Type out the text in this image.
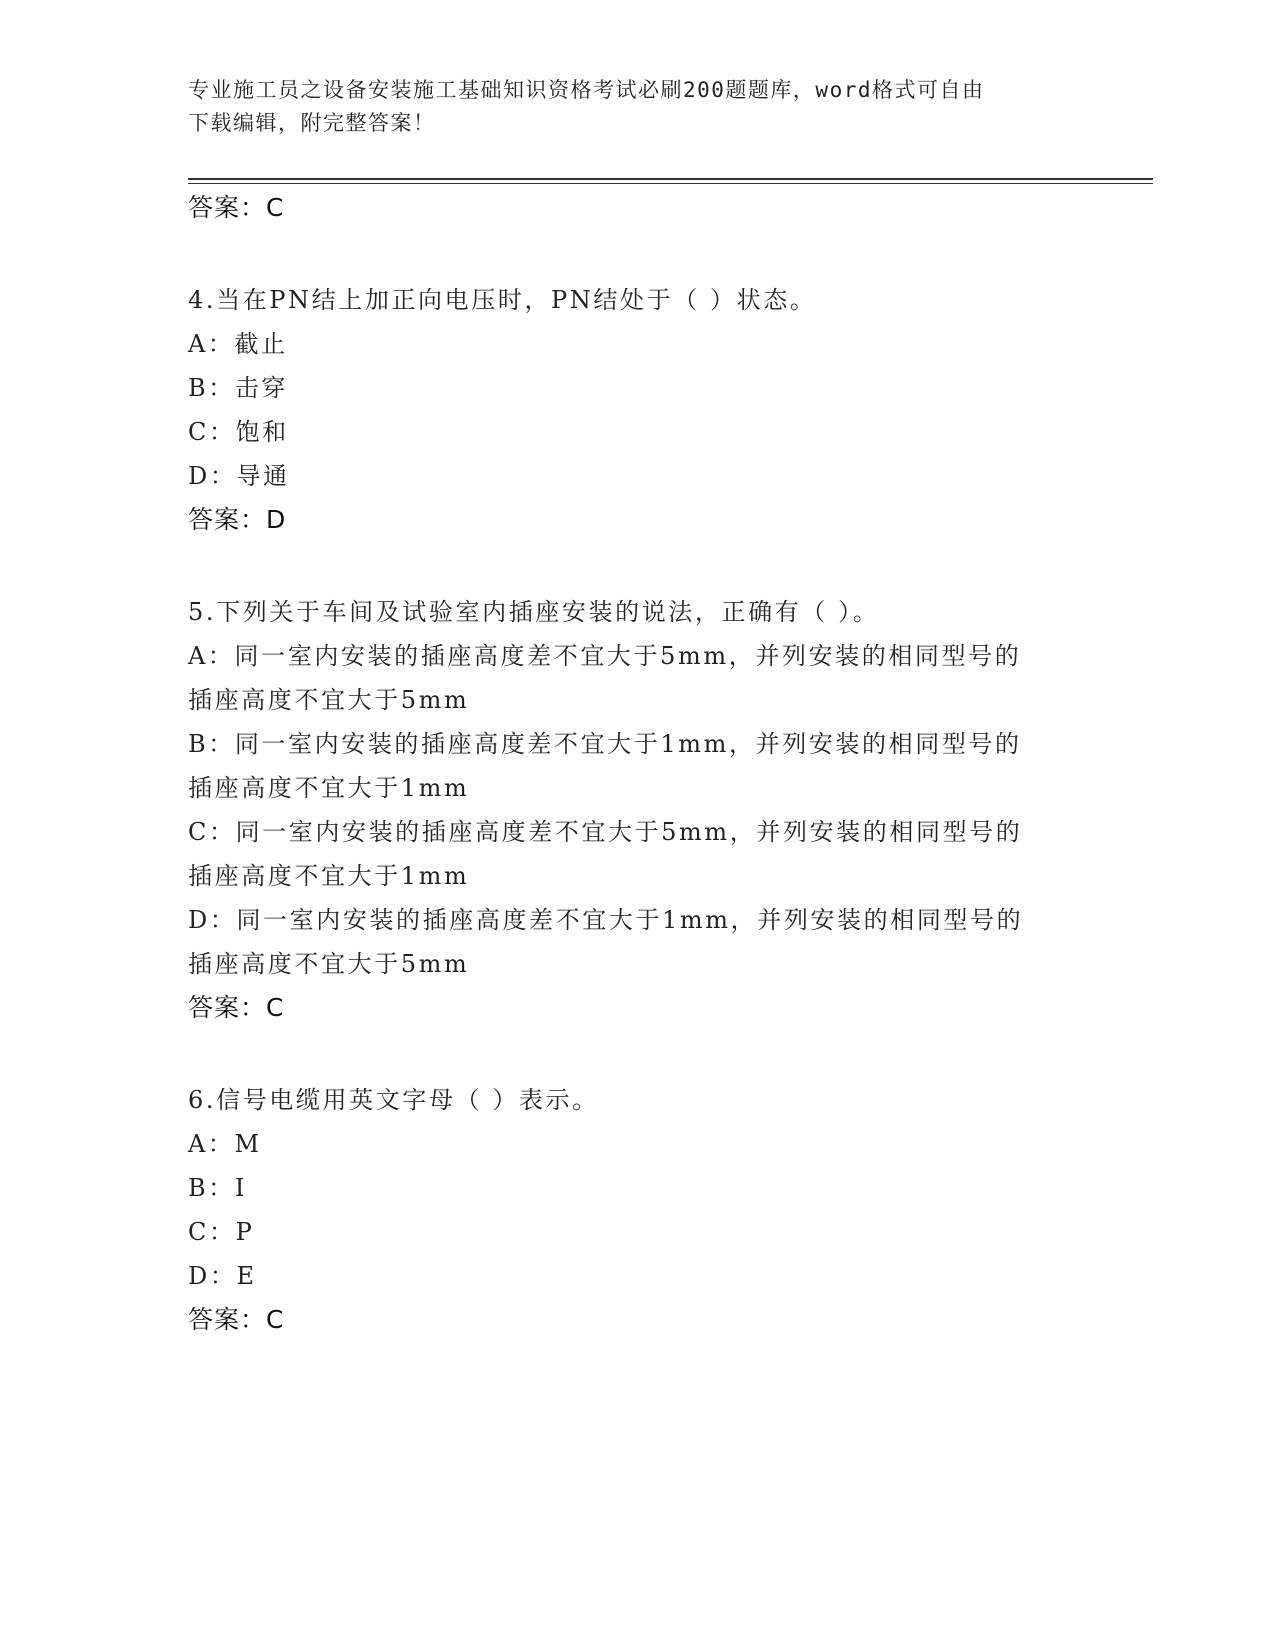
专业施工员之设备安装施工基础知识资格考试必刷200题题库，word格式可自由
下载编辑，附完整答案！
答案：C
4.当在PN结上加正向电压时，PN结处于（ ）状态。
A：截止
B：击穿
C：饱和
D：导通
答案：D
5.下列关于车间及试验室内插座安装的说法，正确有（ ）。
A：同一室内安装的插座高度差不宜大于5mm，并列安装的相同型号的
插座高度不宜大于5mm
B：同一室内安装的插座高度差不宜大于1mm，并列安装的相同型号的
插座高度不宜大于1mm
C：同一室内安装的插座高度差不宜大于5mm，并列安装的相同型号的
插座高度不宜大于1mm
D：同一室内安装的插座高度差不宜大于1mm，并列安装的相同型号的
插座高度不宜大于5mm
答案：C
6.信号电缆用英文字母（ ）表示。
A：M
B：I
C：P
D：E
答案：C
